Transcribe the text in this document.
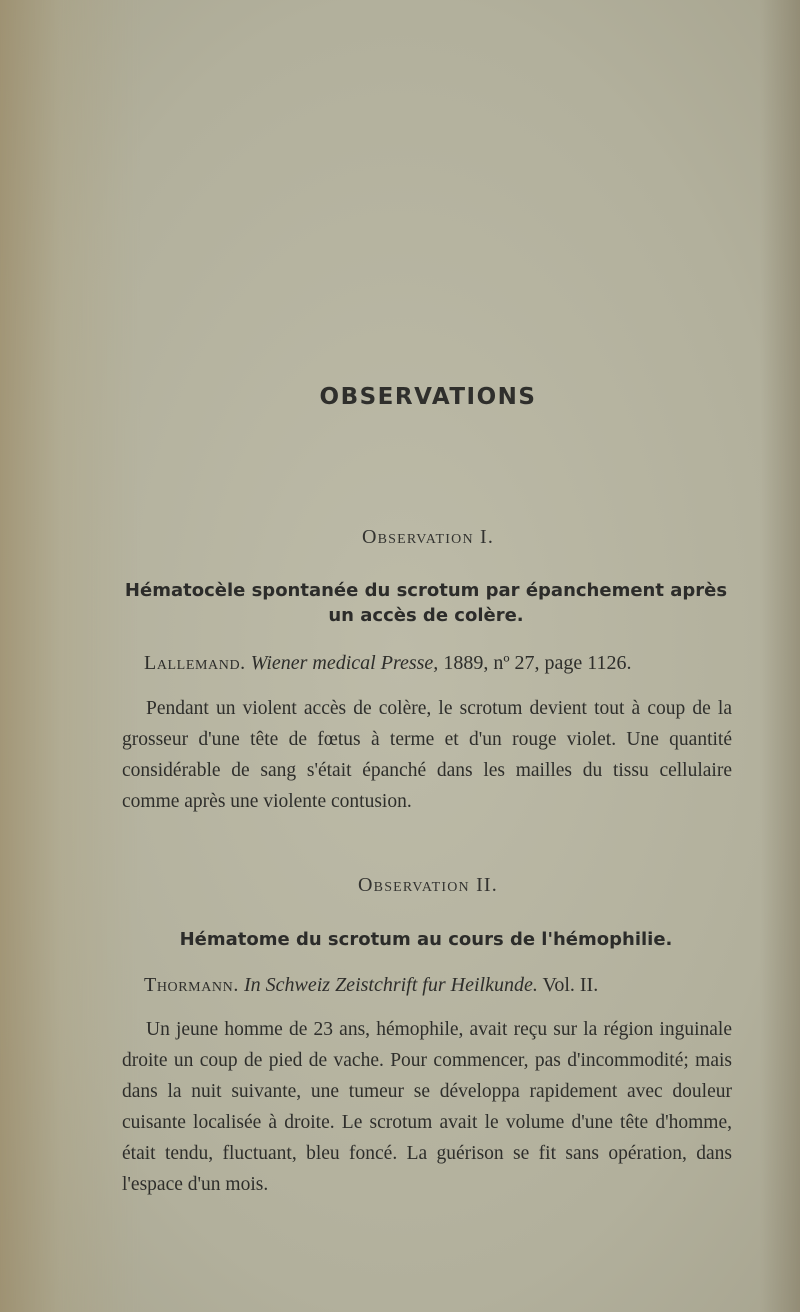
OBSERVATIONS
Observation I.
Hématocèle spontanée du scrotum par épanchement après
un accès de colère.
Lallemand. Wiener medical Presse, 1889, nº 27, page 1126.
Pendant un violent accès de colère, le scrotum devient tout à coup de la grosseur d'une tête de fœtus à terme et d'un rouge violet. Une quantité considérable de sang s'était épanché dans les mailles du tissu cellulaire comme après une violente contusion.
Observation II.
Hématome du scrotum au cours de l'hémophilie.
Thormann. In Schweiz Zeistchrift fur Heilkunde. Vol. II.
Un jeune homme de 23 ans, hémophile, avait reçu sur la région inguinale droite un coup de pied de vache. Pour commencer, pas d'incommodité; mais dans la nuit suivante, une tumeur se développa rapidement avec douleur cuisante localisée à droite. Le scrotum avait le volume d'une tête d'homme, était tendu, fluctuant, bleu foncé. La guérison se fit sans opération, dans l'espace d'un mois.
